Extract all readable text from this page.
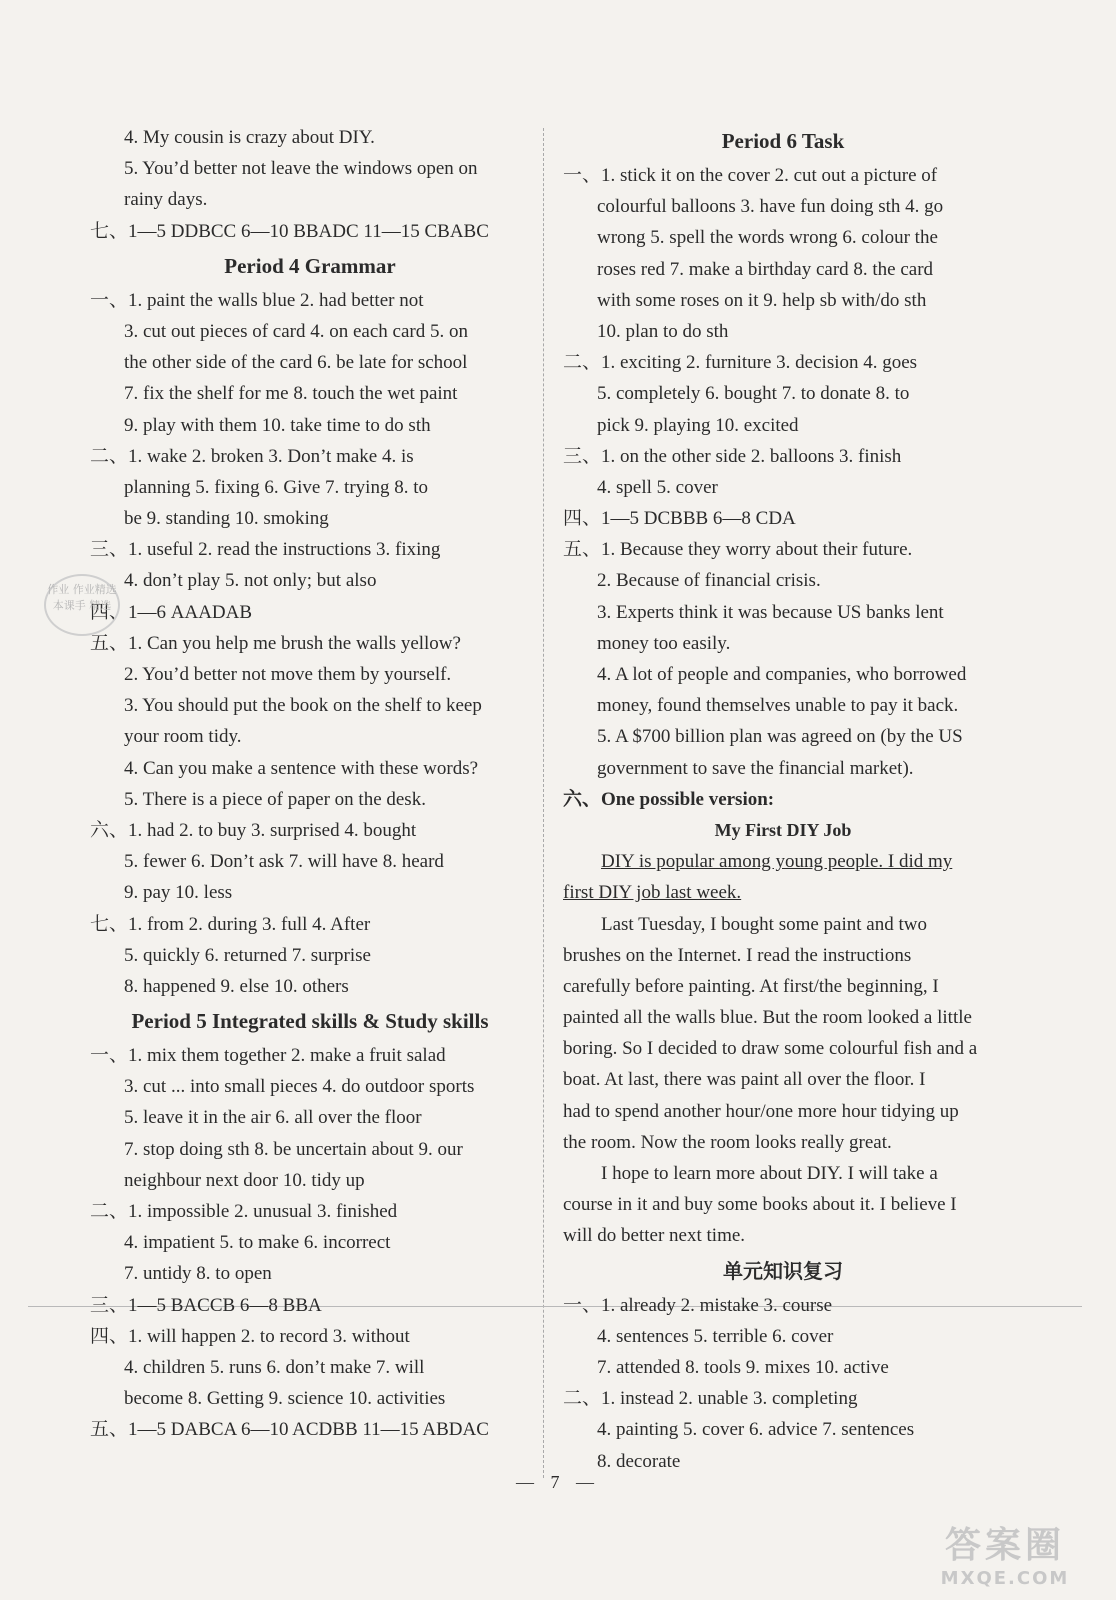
4. My cousin is crazy about DIY.
5. You’d better not leave the windows open on
rainy days.
七、1—5 DDBCC 6—10 BBADC 11—15 CBABC
Period 4 Grammar
一、1. paint the walls blue 2. had better not
3. cut out pieces of card 4. on each card 5. on
the other side of the card 6. be late for school
7. fix the shelf for me 8. touch the wet paint
9. play with them 10. take time to do sth
二、1. wake 2. broken 3. Don’t make 4. is
planning 5. fixing 6. Give 7. trying 8. to
be 9. standing 10. smoking
三、1. useful 2. read the instructions 3. fixing
4. don’t play 5. not only; but also
四、1—6 AAADAB
五、1. Can you help me brush the walls yellow?
2. You’d better not move them by yourself.
3. You should put the book on the shelf to keep
your room tidy.
4. Can you make a sentence with these words?
5. There is a piece of paper on the desk.
六、1. had 2. to buy 3. surprised 4. bought
5. fewer 6. Don’t ask 7. will have 8. heard
9. pay 10. less
七、1. from 2. during 3. full 4. After
5. quickly 6. returned 7. surprise
8. happened 9. else 10. others
Period 5 Integrated skills & Study skills
一、1. mix them together 2. make a fruit salad
3. cut ... into small pieces 4. do outdoor sports
5. leave it in the air 6. all over the floor
7. stop doing sth 8. be uncertain about 9. our
neighbour next door 10. tidy up
二、1. impossible 2. unusual 3. finished
4. impatient 5. to make 6. incorrect
7. untidy 8. to open
三、1—5 BACCB 6—8 BBA
四、1. will happen 2. to record 3. without
4. children 5. runs 6. don’t make 7. will
become 8. Getting 9. science 10. activities
五、1—5 DABCA 6—10 ACDBB 11—15 ABDAC
Period 6 Task
一、1. stick it on the cover 2. cut out a picture of
colourful balloons 3. have fun doing sth 4. go
wrong 5. spell the words wrong 6. colour the
roses red 7. make a birthday card 8. the card
with some roses on it 9. help sb with/do sth
10. plan to do sth
二、1. exciting 2. furniture 3. decision 4. goes
5. completely 6. bought 7. to donate 8. to
pick 9. playing 10. excited
三、1. on the other side 2. balloons 3. finish
4. spell 5. cover
四、1—5 DCBBB 6—8 CDA
五、1. Because they worry about their future.
2. Because of financial crisis.
3. Experts think it was because US banks lent
money too easily.
4. A lot of people and companies, who borrowed
money, found themselves unable to pay it back.
5. A $700 billion plan was agreed on (by the US
government to save the financial market).
六、One possible version:
My First DIY Job
DIY is popular among young people. I did my
first DIY job last week.
Last Tuesday, I bought some paint and two
brushes on the Internet. I read the instructions
carefully before painting. At first/the beginning, I
painted all the walls blue. But the room looked a little
boring. So I decided to draw some colourful fish and a
boat. At last, there was paint all over the floor. I
had to spend another hour/one more hour tidying up
the room. Now the room looks really great.
I hope to learn more about DIY. I will take a
course in it and buy some books about it. I believe I
will do better next time.
单元知识复习
一、1. already 2. mistake 3. course
4. sentences 5. terrible 6. cover
7. attended 8. tools 9. mixes 10. active
二、1. instead 2. unable 3. completing
4. painting 5. cover 6. advice 7. sentences
8. decorate
作业 作业精选本课手 精选
— 7 —
答案圈
MXQE.COM
